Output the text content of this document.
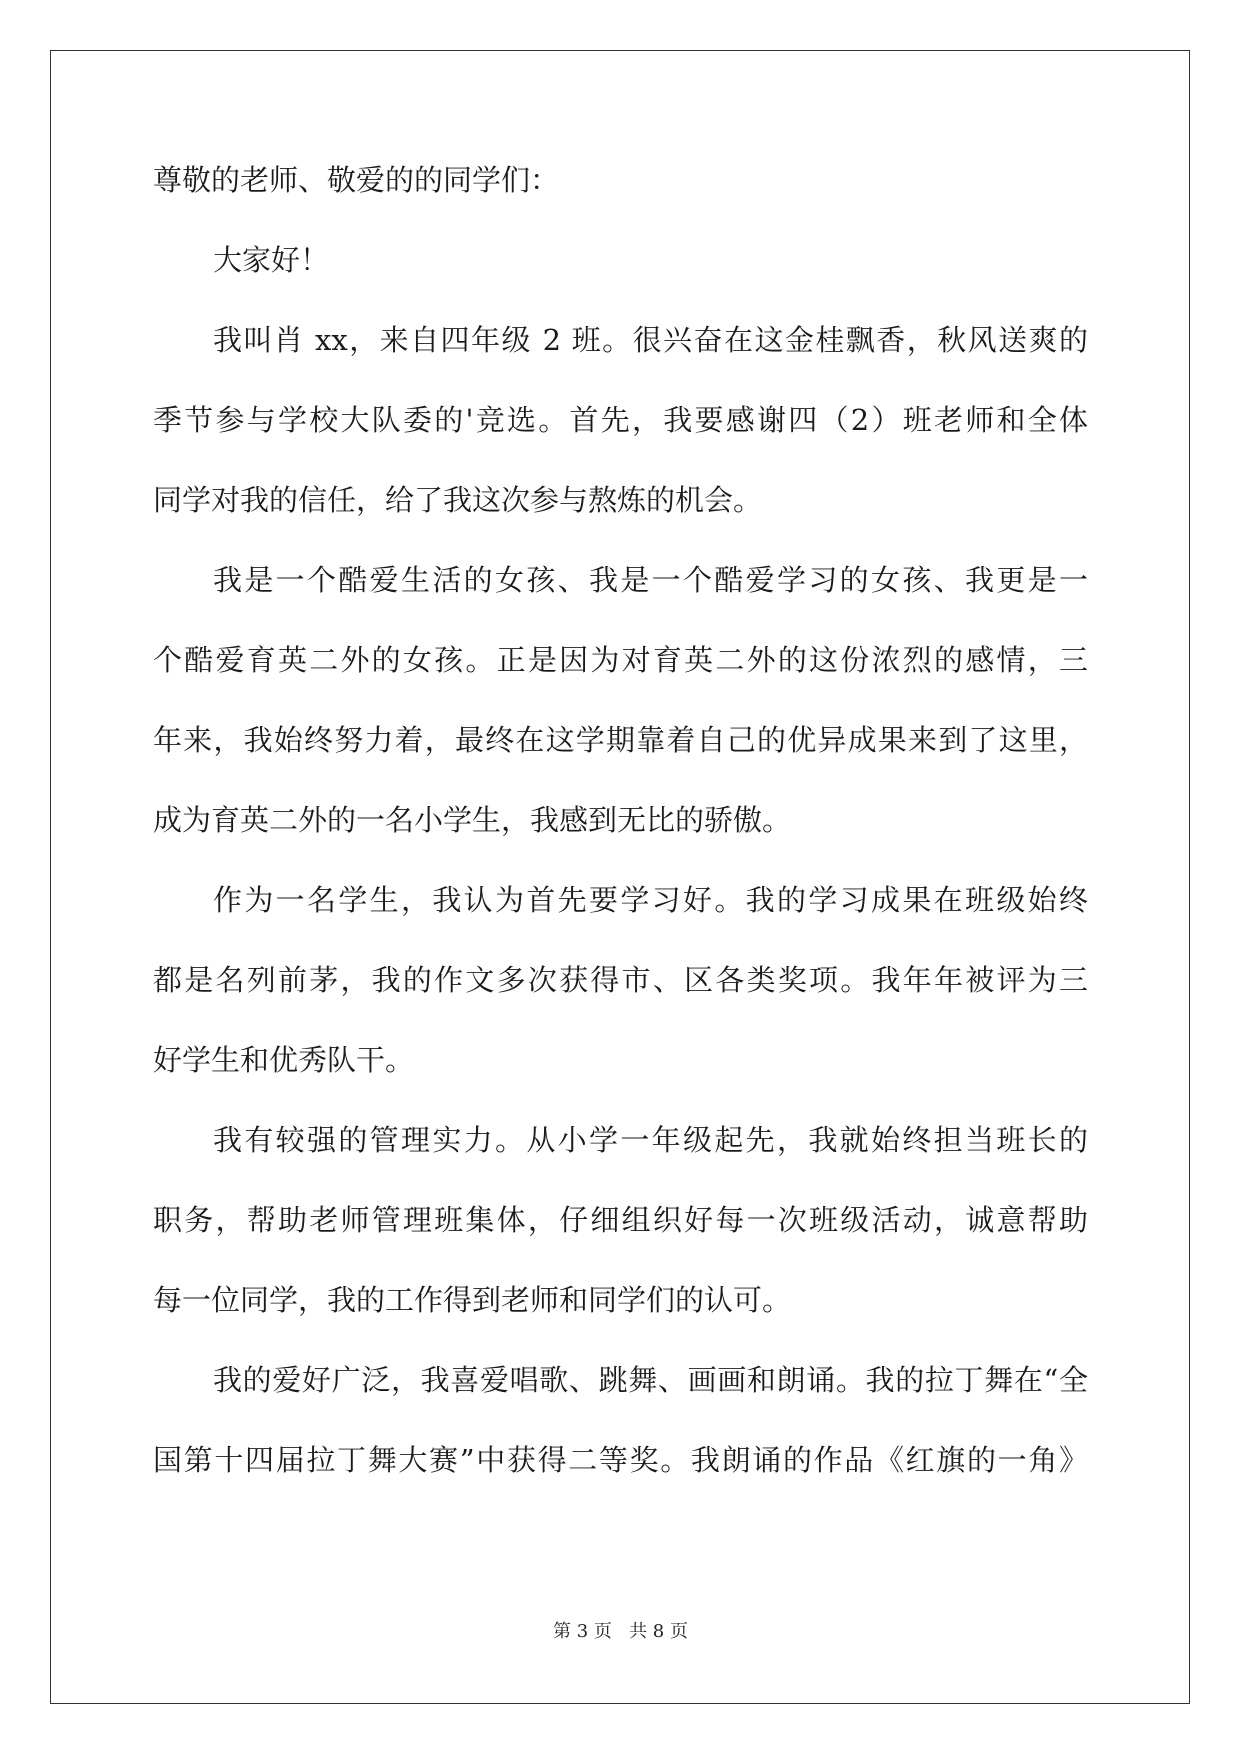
尊敬的老师、敬爱的的同学们：
大家好！
我叫肖 xx，来自四年级 2 班。很兴奋在这金桂飘香，秋风送爽的
季节参与学校大队委的'竞选。首先，我要感谢四（2）班老师和全体
同学对我的信任，给了我这次参与熬炼的机会。
我是一个酷爱生活的女孩、我是一个酷爱学习的女孩、我更是一
个酷爱育英二外的女孩。正是因为对育英二外的这份浓烈的感情，三
年来，我始终努力着，最终在这学期靠着自己的优异成果来到了这里，
成为育英二外的一名小学生，我感到无比的骄傲。
作为一名学生，我认为首先要学习好。我的学习成果在班级始终
都是名列前茅，我的作文多次获得市、区各类奖项。我年年被评为三
好学生和优秀队干。
我有较强的管理实力。从小学一年级起先，我就始终担当班长的
职务，帮助老师管理班集体，仔细组织好每一次班级活动，诚意帮助
每一位同学，我的工作得到老师和同学们的认可。
我的爱好广泛，我喜爱唱歌、跳舞、画画和朗诵。我的拉丁舞在“全
国第十四届拉丁舞大赛”中获得二等奖。我朗诵的作品《红旗的一角》
第 3 页 共 8 页
